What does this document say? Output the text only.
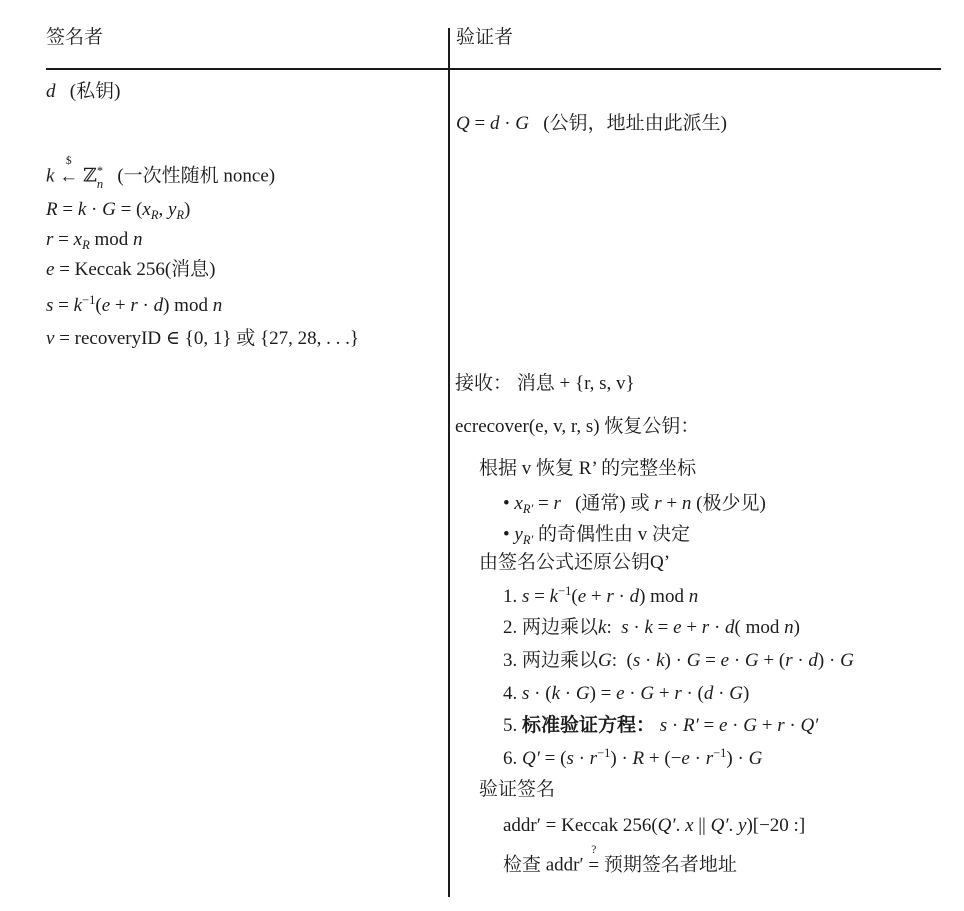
签名者	验证者
d   (私钥)
k
$
← ℤ *
n (一次性随机 nonce)
$R = k \cdot G = (x_R$, $y_R$)
$r = x_R$ mod n
e = Keccak 256(消息)
$s = k^{-1}(e + r \cdot d)$ mod n
v = recoveryID ∈ {0, 1} 或 {27, 28, . . .}
Q = d · G   (公钥，地址由此派生)
接收： 消息 + {r, s, v}
ecrecover(e, v, r, s) 恢复公钥：
根据 v 恢复 R’ 的完整坐标
• $x_{R'} = r$   (通常) 或 r + n (极少见)
• $y_{R'}$ 的奇偶性由 v 决定
由签名公式还原公钥Q’
1. $s = k^{-1}(e + r \cdot d)$ mod n
2. 两边乘以k:  s · k = e + r · d( mod n)
3. 两边乘以G:  (s · k) · G = e · G + (r · d) · G
4. s · (k · G) = e · G + r · (d · G)
5. 标准验证方程： s · R′ = e · G + r · Q′
6. $Q' = (s \cdot r^{-1}) \cdot R + (-e \cdot r^{-1}) \cdot G$
验证签名
addr′ = Keccak 256(Q′. x || Q′. y)[−20 :]
检查 addr′
?
= 预期签名者地址
